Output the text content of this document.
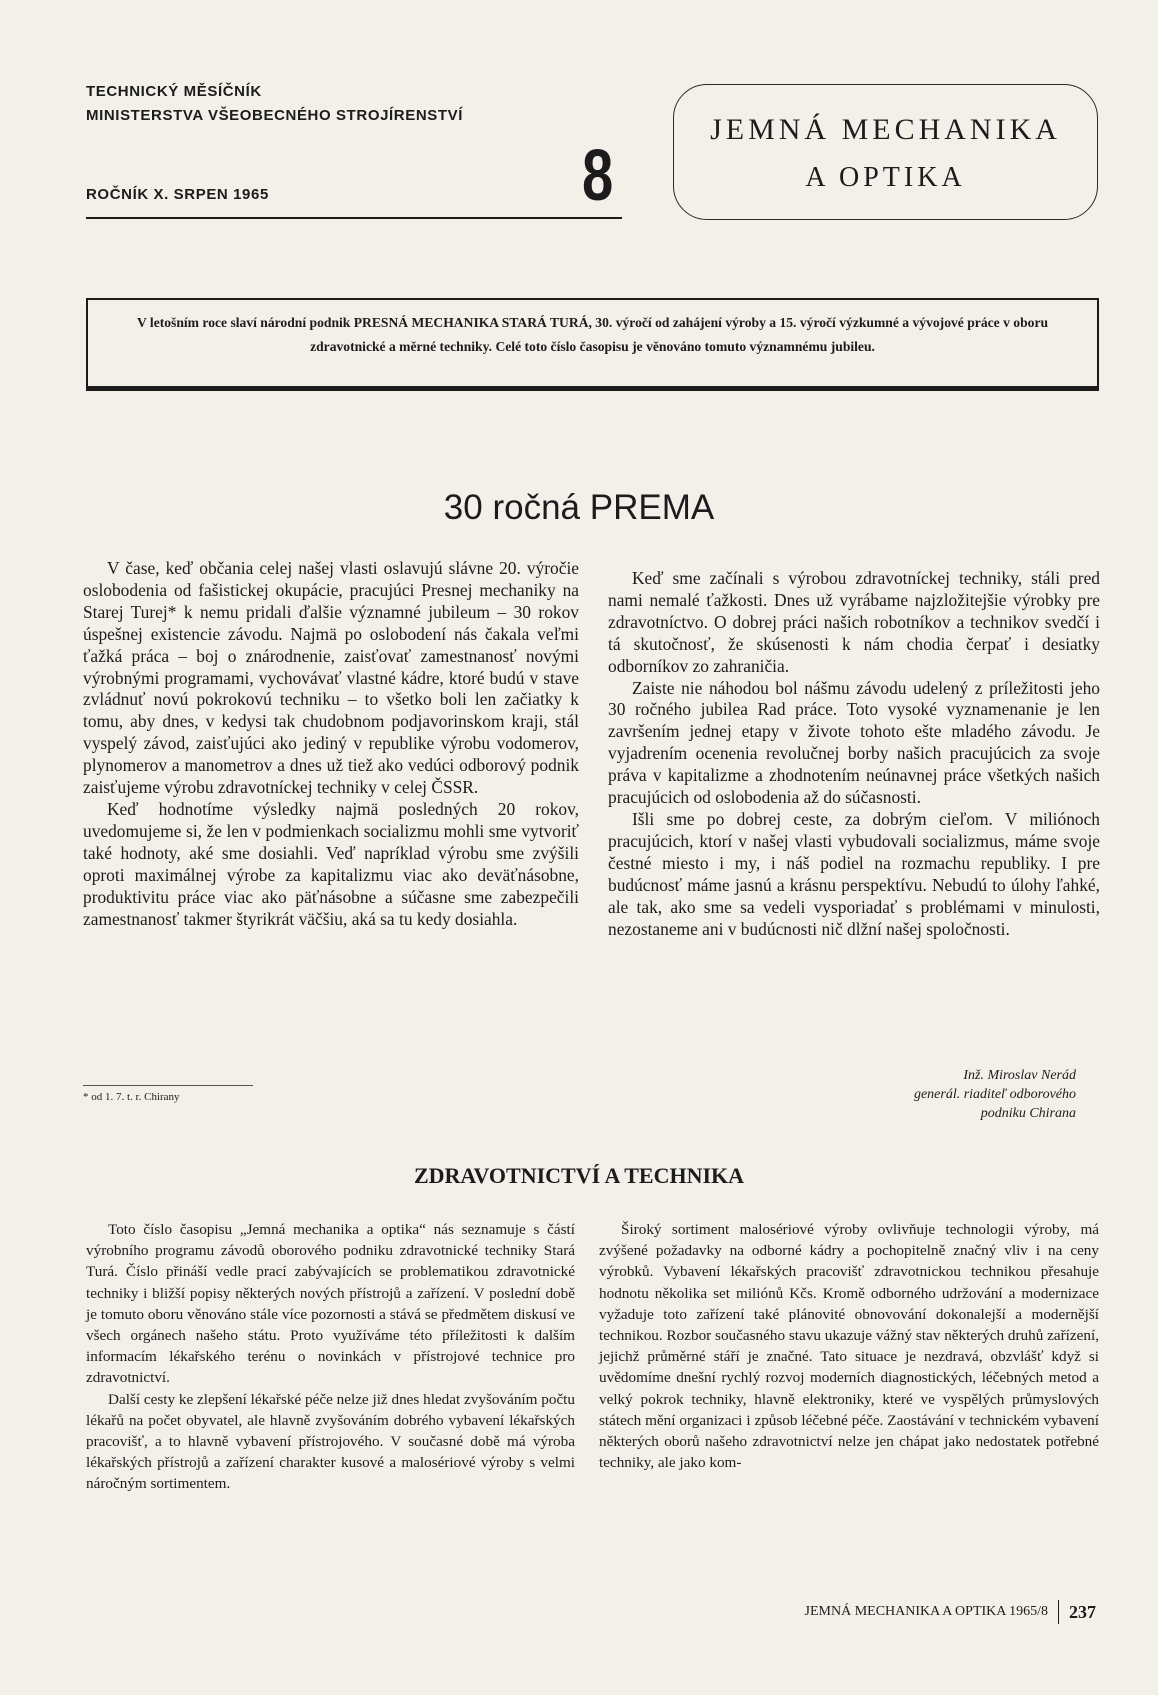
TECHNICKÝ MĚSÍČNÍK
MINISTERSTVA VŠEOBECNÉHO STROJÍRENSTVÍ
ROČNÍK X. SRPEN 1965	8
JEMNÁ MECHANIKA
A OPTIKA
V letošním roce slaví národní podnik PRESNÁ MECHANIKA STARÁ TURÁ, 30. výročí od zahájení výroby a 15. výročí výzkumné a vývojové práce v oboru zdravotnické a měrné techniky. Celé toto číslo časopisu je věnováno tomuto významnému jubileu.
30 ročná PREMA

V čase, keď občania celej našej vlasti oslavujú slávne 20. výročie oslobodenia od fašistickej okupácie, pracujúci Presnej mechaniky na Starej Turej* k nemu pridali ďalšie významné jubileum – 30 rokov úspešnej existencie závodu. Najmä po oslobodení nás čakala veľmi ťažká práca – boj o znárodnenie, zaisťovať zamestnanosť novými výrobnými programami, vychovávať vlastné kádre, ktoré budú v stave zvládnuť novú pokrokovú techniku – to všetko boli len začiatky k tomu, aby dnes, v kedysi tak chudobnom podjavorinskom kraji, stál vyspelý závod, zaisťujúci ako jediný v republike výrobu vodomerov, plynomerov a manometrov a dnes už tiež ako vedúci odborový podnik zaisťujeme výrobu zdravotníckej techniky v celej ČSSR.

Keď hodnotíme výsledky najmä posledných 20 rokov, uvedomujeme si, že len v podmienkach socializmu mohli sme vytvoriť také hodnoty, aké sme dosiahli. Veď napríklad výrobu sme zvýšili oproti maximálnej výrobe za kapitalizmu viac ako deväťnásobne, produktivitu práce viac ako päťnásobne a súčasne sme zabezpečili zamestnanosť takmer štyrikrát väčšiu, aká sa tu kedy dosiahla.

Keď sme začínali s výrobou zdravotníckej techniky, stáli pred nami nemalé ťažkosti. Dnes už vyrábame najzložitejšie výrobky pre zdravotníctvo. O dobrej práci našich robotníkov a technikov svedčí i tá skutočnosť, že skúsenosti k nám chodia čerpať i desiatky odborníkov zo zahraničia.

Zaiste nie náhodou bol nášmu závodu udelený z príležitosti jeho 30 ročného jubilea Rad práce. Toto vysoké vyznamenanie je len završením jednej etapy v živote tohoto ešte mladého závodu. Je vyjadrením ocenenia revolučnej borby našich pracujúcich za svoje práva v kapitalizme a zhodnotením neúnavnej práce všetkých našich pracujúcich od oslobodenia až do súčasnosti.

Išli sme po dobrej ceste, za dobrým cieľom. V miliónoch pracujúcich, ktorí v našej vlasti vybudovali socializmus, máme svoje čestné miesto i my, i náš podiel na rozmachu republiky. I pre budúcnosť máme jasnú a krásnu perspektívu. Nebudú to úlohy ľahké, ale tak, ako sme sa vedeli vysporiadať s problémami v minulosti, nezostaneme ani v budúcnosti nič dlžní našej spoločnosti.

* od 1. 7. t. r. Chirany
Inž. Miroslav Nerád
generál. riaditeľ odborového
podniku Chirana
ZDRAVOTNICTVÍ A TECHNIKA

Toto číslo časopisu „Jemná mechanika a optika“ nás seznamuje s částí výrobního programu závodů oborového podniku zdravotnické techniky Stará Turá. Číslo přináší vedle prací zabývajících se problematikou zdravotnické techniky i bližší popisy některých nových přístrojů a zařízení. V poslední době je tomuto oboru věnováno stále více pozornosti a stává se předmětem diskusí ve všech orgánech našeho státu. Proto využíváme této příležitosti k dalším informacím lékařského terénu o novinkách v přístrojové technice pro zdravotnictví.

Další cesty ke zlepšení lékařské péče nelze již dnes hledat zvyšováním počtu lékařů na počet obyvatel, ale hlavně zvyšováním dobrého vybavení lékařských pracovišť, a to hlavně vybavení přístrojového. V současné době má výroba lékařských přístrojů a zařízení charakter kusové a malosériové výroby s velmi náročným sortimentem.

Široký sortiment malosériové výroby ovlivňuje technologii výroby, má zvýšené požadavky na odborné kádry a pochopitelně značný vliv i na ceny výrobků. Vybavení lékařských pracovišť zdravotnickou technikou přesahuje hodnotu několika set miliónů Kčs. Kromě odborného udržování a modernizace vyžaduje toto zařízení také plánovité obnovování dokonalejší a modernější technikou. Rozbor současného stavu ukazuje vážný stav některých druhů zařízení, jejichž průměrné stáří je značné. Tato situace je nezdravá, obzvlášť když si uvědomíme dnešní rychlý rozvoj moderních diagnostických, léčebných metod a velký pokrok techniky, hlavně elektroniky, které ve vyspělých průmyslových státech mění organizaci i způsob léčebné péče. Zaostávání v technickém vybavení některých oborů našeho zdravotnictví nelze jen chápat jako nedostatek potřebné techniky, ale jako kom-

JEMNÁ MECHANIKA A OPTIKA 1965/8 237
